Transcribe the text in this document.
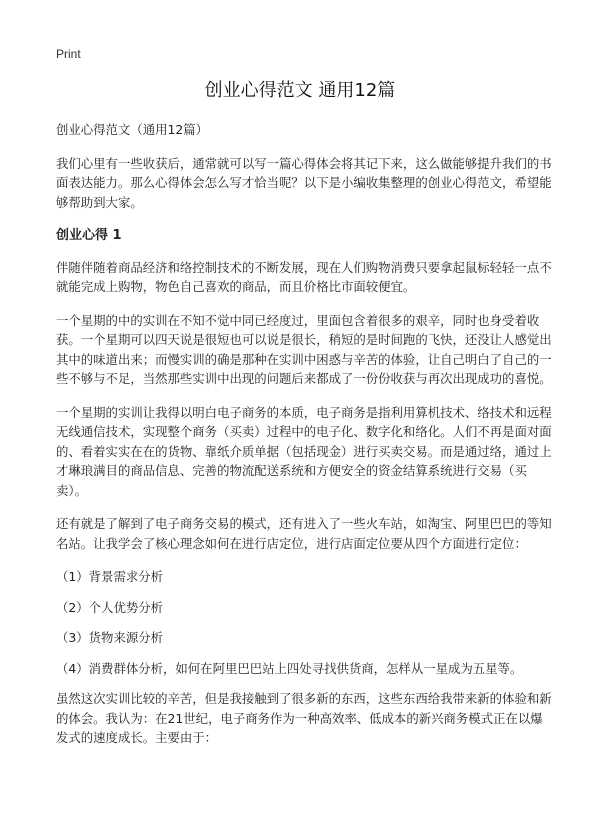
Print
创业心得范文 通用12篇

创业心得范文（通用12篇）

我们心里有一些收获后，通常就可以写一篇心得体会将其记下来，这么做能够提升我们的书面表达能力。那么心得体会怎么写才恰当呢？以下是小编收集整理的创业心得范文，希望能够帮助到大家。

创业心得 1

伴随伴随着商品经济和络控制技术的不断发展，现在人们购物消费只要拿起鼠标轻轻一点不就能完成上购物，物色自己喜欢的商品，而且价格比市面较便宜。

一个星期的中的实训在不知不觉中同已经度过，里面包含着很多的艰辛，同时也身受着收获。一个星期可以四天说是很短也可以说是很长，稍短的是时间跑的飞快，还没让人感觉出其中的味道出来；而慢实训的确是那种在实训中困惑与辛苦的体验，让自己明白了自己的一些不够与不足，当然那些实训中出现的问题后来都成了一份份收获与再次出现成功的喜悦。

一个星期的实训让我得以明白电子商务的本质，电子商务是指利用算机技术、络技术和远程无线通信技术，实现整个商务（买卖）过程中的电子化、数字化和络化。人们不再是面对面的、看着实实在在的货物、靠纸介质单据（包括现金）进行买卖交易。而是通过络，通过上才琳琅满目的商品信息、完善的物流配送系统和方便安全的资金结算系统进行交易（买卖）。

还有就是了解到了电子商务交易的模式，还有进入了一些火车站，如淘宝、阿里巴巴的等知名站。让我学会了核心理念如何在进行店定位，进行店面定位要从四个方面进行定位：

（1）背景需求分析

（2）个人优势分析

（3）货物来源分析

（4）消费群体分析，如何在阿里巴巴站上四处寻找供货商，怎样从一星成为五星等。

虽然这次实训比较的辛苦，但是我接触到了很多新的东西，这些东西给我带来新的体验和新的体会。我认为：在21世纪，电子商务作为一种高效率、低成本的新兴商务模式正在以爆发式的速度成长。主要由于：
